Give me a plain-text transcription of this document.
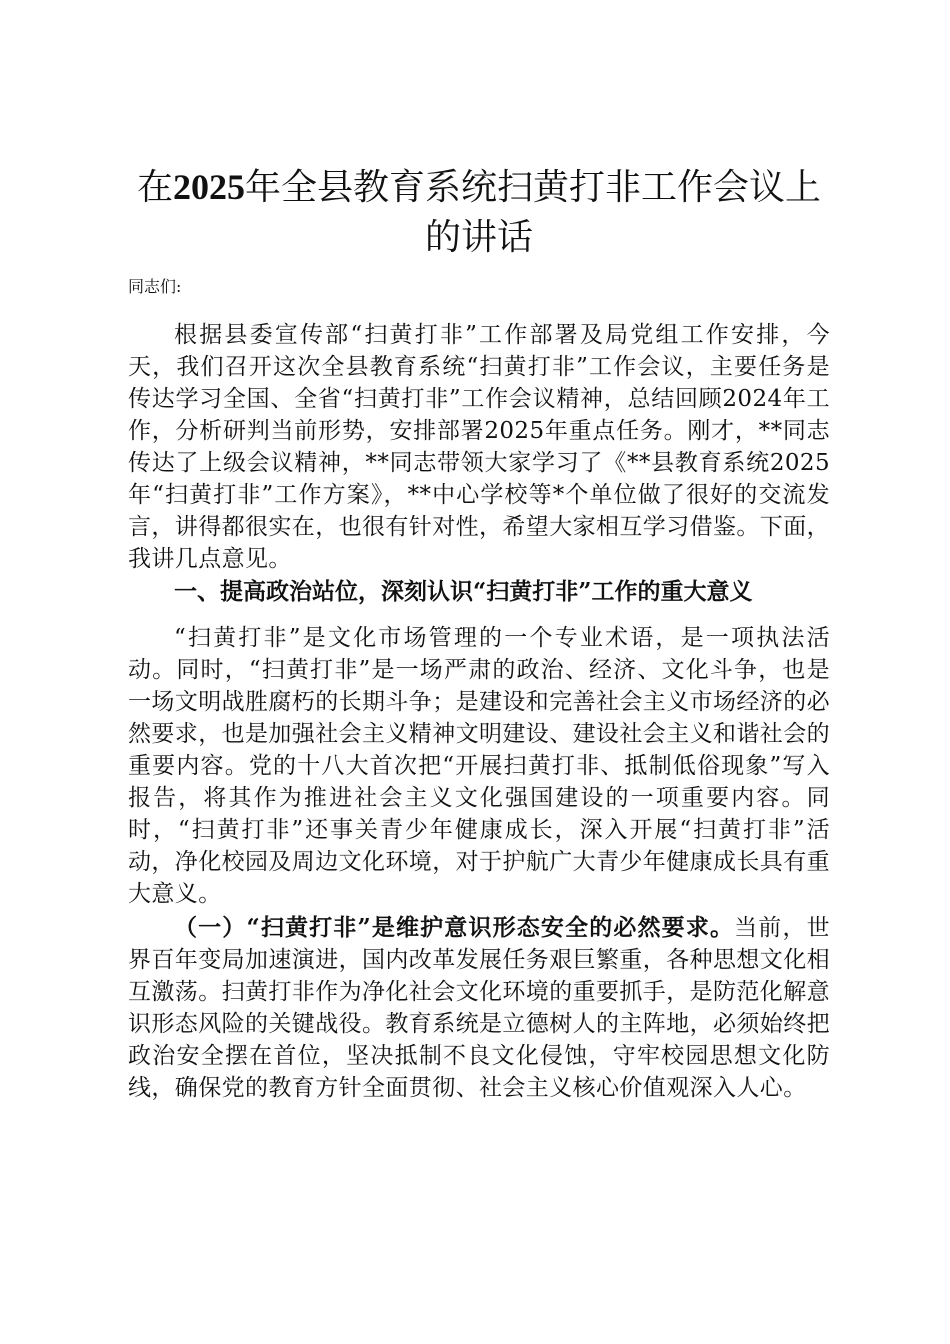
在2025年全县教育系统扫黄打非工作会议上的讲话

同志们:

根据县委宣传部“扫黄打非”工作部署及局党组工作安排，今天，我们召开这次全县教育系统“扫黄打非”工作会议，主要任务是传达学习全国、全省“扫黄打非”工作会议精神，总结回顾2024年工作，分析研判当前形势，安排部署2025年重点任务。刚才，**同志传达了上级会议精神，**同志带领大家学习了《**县教育系统2025年“扫黄打非”工作方案》，**中心学校等*个单位做了很好的交流发言，讲得都很实在，也很有针对性，希望大家相互学习借鉴。下面，我讲几点意见。

一、提高政治站位，深刻认识“扫黄打非”工作的重大意义

“扫黄打非”是文化市场管理的一个专业术语，是一项执法活动。同时，“扫黄打非”是一场严肃的政治、经济、文化斗争，也是一场文明战胜腐朽的长期斗争；是建设和完善社会主义市场经济的必然要求，也是加强社会主义精神文明建设、建设社会主义和谐社会的重要内容。党的十八大首次把“开展扫黄打非、抵制低俗现象”写入报告，将其作为推进社会主义文化强国建设的一项重要内容。同时，“扫黄打非”还事关青少年健康成长，深入开展“扫黄打非”活动，净化校园及周边文化环境，对于护航广大青少年健康成长具有重大意义。

（一）“扫黄打非”是维护意识形态安全的必然要求。当前，世界百年变局加速演进，国内改革发展任务艰巨繁重，各种思想文化相互激荡。扫黄打非作为净化社会文化环境的重要抓手，是防范化解意识形态风险的关键战役。教育系统是立德树人的主阵地，必须始终把政治安全摆在首位，坚决抵制不良文化侵蚀，守牢校园思想文化防线，确保党的教育方针全面贯彻、社会主义核心价值观深入人心。
